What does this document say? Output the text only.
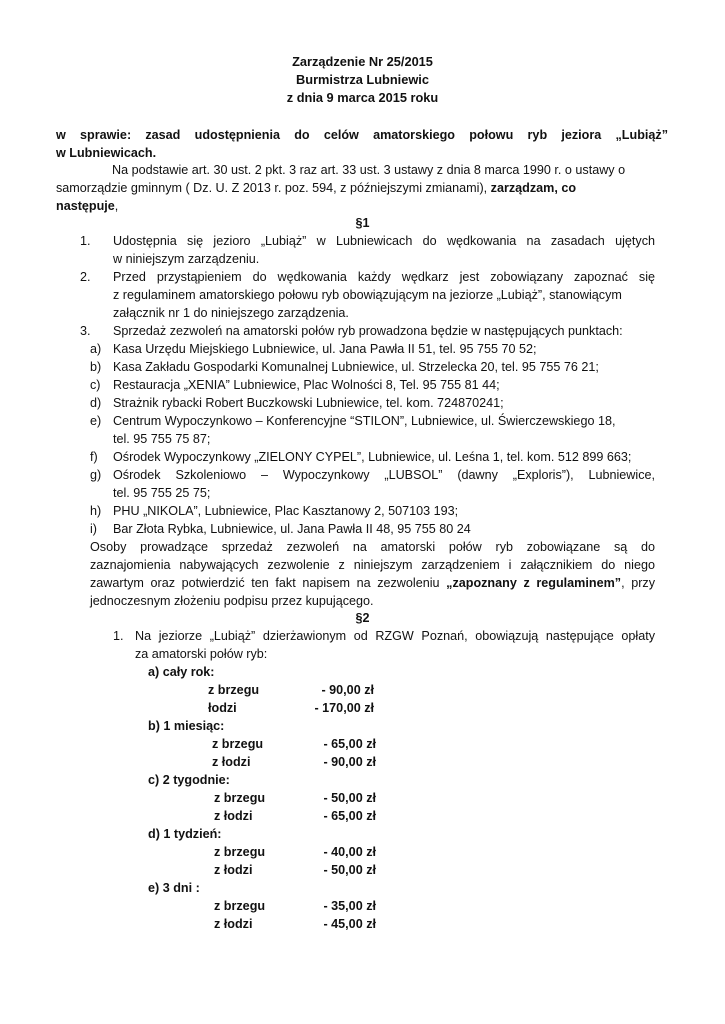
Zarządzenie Nr 25/2015
Burmistrza Lubniewic
z dnia 9 marca 2015 roku
w sprawie: zasad udostępnienia do celów amatorskiego połowu ryb jeziora „Lubiąż”
w Lubniewicach.
Na podstawie art. 30 ust. 2 pkt. 3 raz art. 33 ust. 3 ustawy z dnia 8 marca 1990 r. o ustawy o
samorządzie gminnym ( Dz. U. Z 2013 r. poz. 594, z późniejszymi zmianami), zarządzam, co
następuje,
§1
1. Udostępnia się jezioro „Lubiąż” w Lubniewicach do wędkowania na zasadach ujętych
w niniejszym zarządzeniu.
2. Przed przystąpieniem do wędkowania każdy wędkarz jest zobowiązany zapoznać się
z regulaminem amatorskiego połowu ryb obowiązującym na jeziorze „Lubiąż”, stanowiącym
załącznik nr 1 do niniejszego zarządzenia.
3. Sprzedaż zezwoleń na amatorski połów ryb prowadzona będzie w następujących punktach:
a) Kasa Urzędu Miejskiego Lubniewice, ul. Jana Pawła II 51, tel. 95 755 70 52;
b) Kasa Zakładu Gospodarki Komunalnej Lubniewice, ul. Strzelecka 20, tel. 95 755 76 21;
c) Restauracja „XENIA” Lubniewice, Plac Wolności 8, Tel. 95 755 81 44;
d) Strażnik rybacki Robert Buczkowski Lubniewice, tel. kom. 724870241;
e) Centrum Wypoczynkowo – Konferencyjne “STILON”, Lubniewice, ul. Świerczewskiego 18,
tel. 95 755 75 87;
f) Ośrodek Wypoczynkowy „ZIELONY CYPEL”, Lubniewice, ul. Leśna 1, tel. kom. 512 899 663;
g) Ośrodek Szkoleniowo – Wypoczynkowy „LUBSOL” (dawny „Exploris”), Lubniewice,
tel. 95 755 25 75;
h) PHU „NIKOLA”, Lubniewice, Plac Kasztanowy 2, 507103 193;
i) Bar Złota Rybka, Lubniewice, ul. Jana Pawła II 48, 95 755 80 24
Osoby prowadzące sprzedaż zezwoleń na amatorski połów ryb zobowiązane są do
zaznajomienia nabywających zezwolenie z niniejszym zarządzeniem i załącznikiem do niego
zawartym oraz potwierdzić ten fakt napisem na zezwoleniu „zapoznany z regulaminem”, przy
jednoczesnym złożeniu podpisu przez kupującego.
§2
1. Na jeziorze „Lubiąż” dzierżawionym od RZGW Poznań, obowiązują następujące opłaty
za amatorski połów ryb:
a) cały rok:
z brzegu	- 90,00 zł
łodzi	- 170,00 zł
b) 1 miesiąc:
z brzegu	- 65,00 zł
z łodzi	- 90,00 zł
c) 2 tygodnie:
z brzegu	- 50,00 zł
z łodzi	- 65,00 zł
d) 1 tydzień:
z brzegu	- 40,00 zł
z łodzi	- 50,00 zł
e) 3 dni :
z brzegu	- 35,00 zł
z łodzi	- 45,00 zł
